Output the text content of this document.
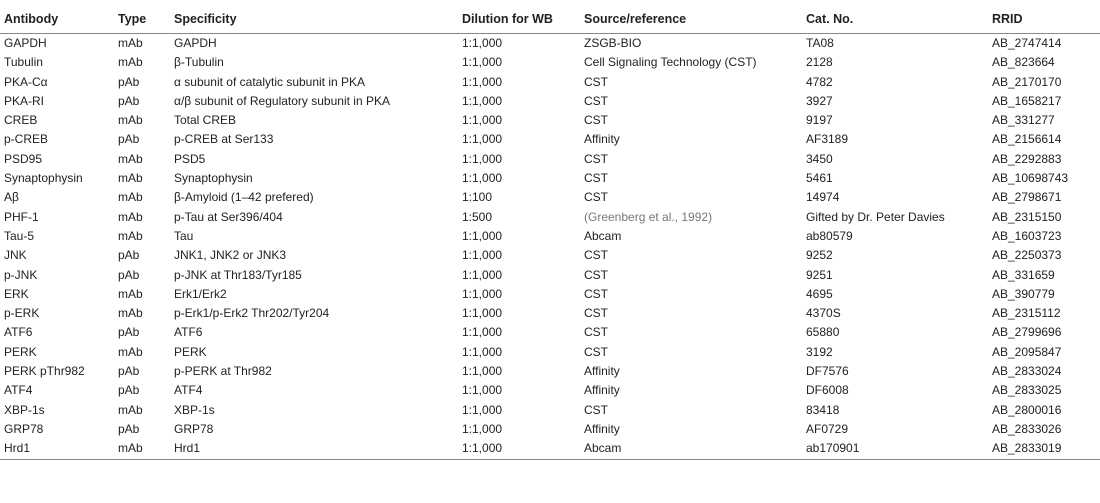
Antibody	Type	Specificity	Dilution for WB	Source/reference	Cat. No.	RRID
GAPDH	mAb	GAPDH	1:1,000	ZSGB-BIO	TA08	AB_2747414
Tubulin	mAb	β-Tubulin	1:1,000	Cell Signaling Technology (CST)	2128	AB_823664
PKA-Cα	pAb	α subunit of catalytic subunit in PKA	1:1,000	CST	4782	AB_2170170
PKA-RI	pAb	α/β subunit of Regulatory subunit in PKA	1:1,000	CST	3927	AB_1658217
CREB	mAb	Total CREB	1:1,000	CST	9197	AB_331277
p-CREB	pAb	p-CREB at Ser133	1:1,000	Affinity	AF3189	AB_2156614
PSD95	mAb	PSD5	1:1,000	CST	3450	AB_2292883
Synaptophysin	mAb	Synaptophysin	1:1,000	CST	5461	AB_10698743
Aβ	mAb	β-Amyloid (1–42 prefered)	1:100	CST	14974	AB_2798671
PHF-1	mAb	p-Tau at Ser396/404	1:500	(Greenberg et al., 1992)	Gifted by Dr. Peter Davies	AB_2315150
Tau-5	mAb	Tau	1:1,000	Abcam	ab80579	AB_1603723
JNK	pAb	JNK1, JNK2 or JNK3	1:1,000	CST	9252	AB_2250373
p-JNK	pAb	p-JNK at Thr183/Tyr185	1:1,000	CST	9251	AB_331659
ERK	mAb	Erk1/Erk2	1:1,000	CST	4695	AB_390779
p-ERK	mAb	p-Erk1/p-Erk2 Thr202/Tyr204	1:1,000	CST	4370S	AB_2315112
ATF6	pAb	ATF6	1:1,000	CST	65880	AB_2799696
PERK	mAb	PERK	1:1,000	CST	3192	AB_2095847
PERK pThr982	pAb	p-PERK at Thr982	1:1,000	Affinity	DF7576	AB_2833024
ATF4	pAb	ATF4	1:1,000	Affinity	DF6008	AB_2833025
XBP-1s	mAb	XBP-1s	1:1,000	CST	83418	AB_2800016
GRP78	pAb	GRP78	1:1,000	Affinity	AF0729	AB_2833026
Hrd1	mAb	Hrd1	1:1,000	Abcam	ab170901	AB_2833019
